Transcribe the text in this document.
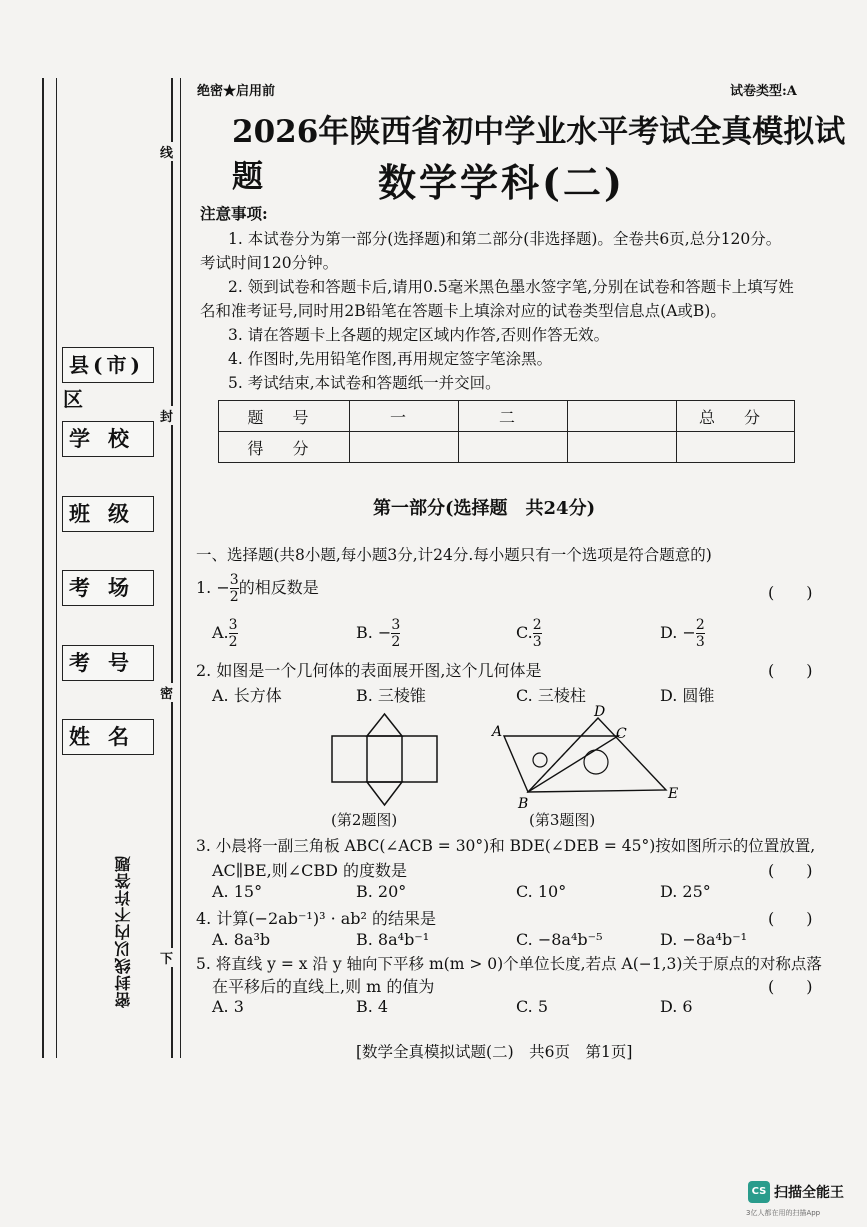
县(市)区
学校
班级
考场
考号
姓名
线
封
密
下
密封线以内不许答题
绝密★启用前	试卷类型:A
2026年陕西省初中学业水平考试全真模拟试题	数学学科(二)
注意事项:
1. 本试卷分为第一部分(选择题)和第二部分(非选择题)。全卷共6页,总分120分。
考试时间120分钟。
2. 领到试卷和答题卡后,请用0.5毫米黑色墨水签字笔,分别在试卷和答题卡上填写姓
名和准考证号,同时用2B铅笔在答题卡上填涂对应的试卷类型信息点(A或B)。
3. 请在答题卡上各题的规定区域内作答,否则作答无效。
4. 作图时,先用铅笔作图,再用规定签字笔涂黑。
5. 考试结束,本试卷和答题纸一并交回。
题 号	一	二		总 分
得 分				
第一部分(选择题　共24分)
一、选择题(共8小题,每小题3分,计24分.每小题只有一个选项是符合题意的)
1. − $\frac{3}{2}$ 的相反数是	(　　)
A. $\frac{3}{2}$	B. − $\frac{3}{2}$	C. $\frac{2}{3}$	D. − $\frac{2}{3}$
2. 如图是一个几何体的表面展开图,这个几何体是	(　　)
A. 长方体	B. 三棱锥	C. 三棱柱	D. 圆锥
(第2题图)
A
B
C
D
E
(第3题图)
3. 小晨将一副三角板 ABC(∠ACB = 30°)和 BDE(∠DEB = 45°)按如图所示的位置放置,
AC∥BE,则∠CBD 的度数是	(　　)
A. 15°	B. 20°	C. 10°	D. 25°
4. 计算(−2ab⁻¹)³ · ab² 的结果是	(　　)
A. 8a³b	B. 8a⁴b⁻¹	C. −8a⁴b⁻⁵	D. −8a⁴b⁻¹
5. 将直线 y = x 沿 y 轴向下平移 m(m > 0)个单位长度,若点 A(−1,3)关于原点的对称点落
在平移后的直线上,则 m 的值为	(　　)
A. 3	B. 4	C. 5	D. 6
[数学全真模拟试题(二)　共6页　第1页]
CS 扫描全能王
3亿人都在用的扫描App
